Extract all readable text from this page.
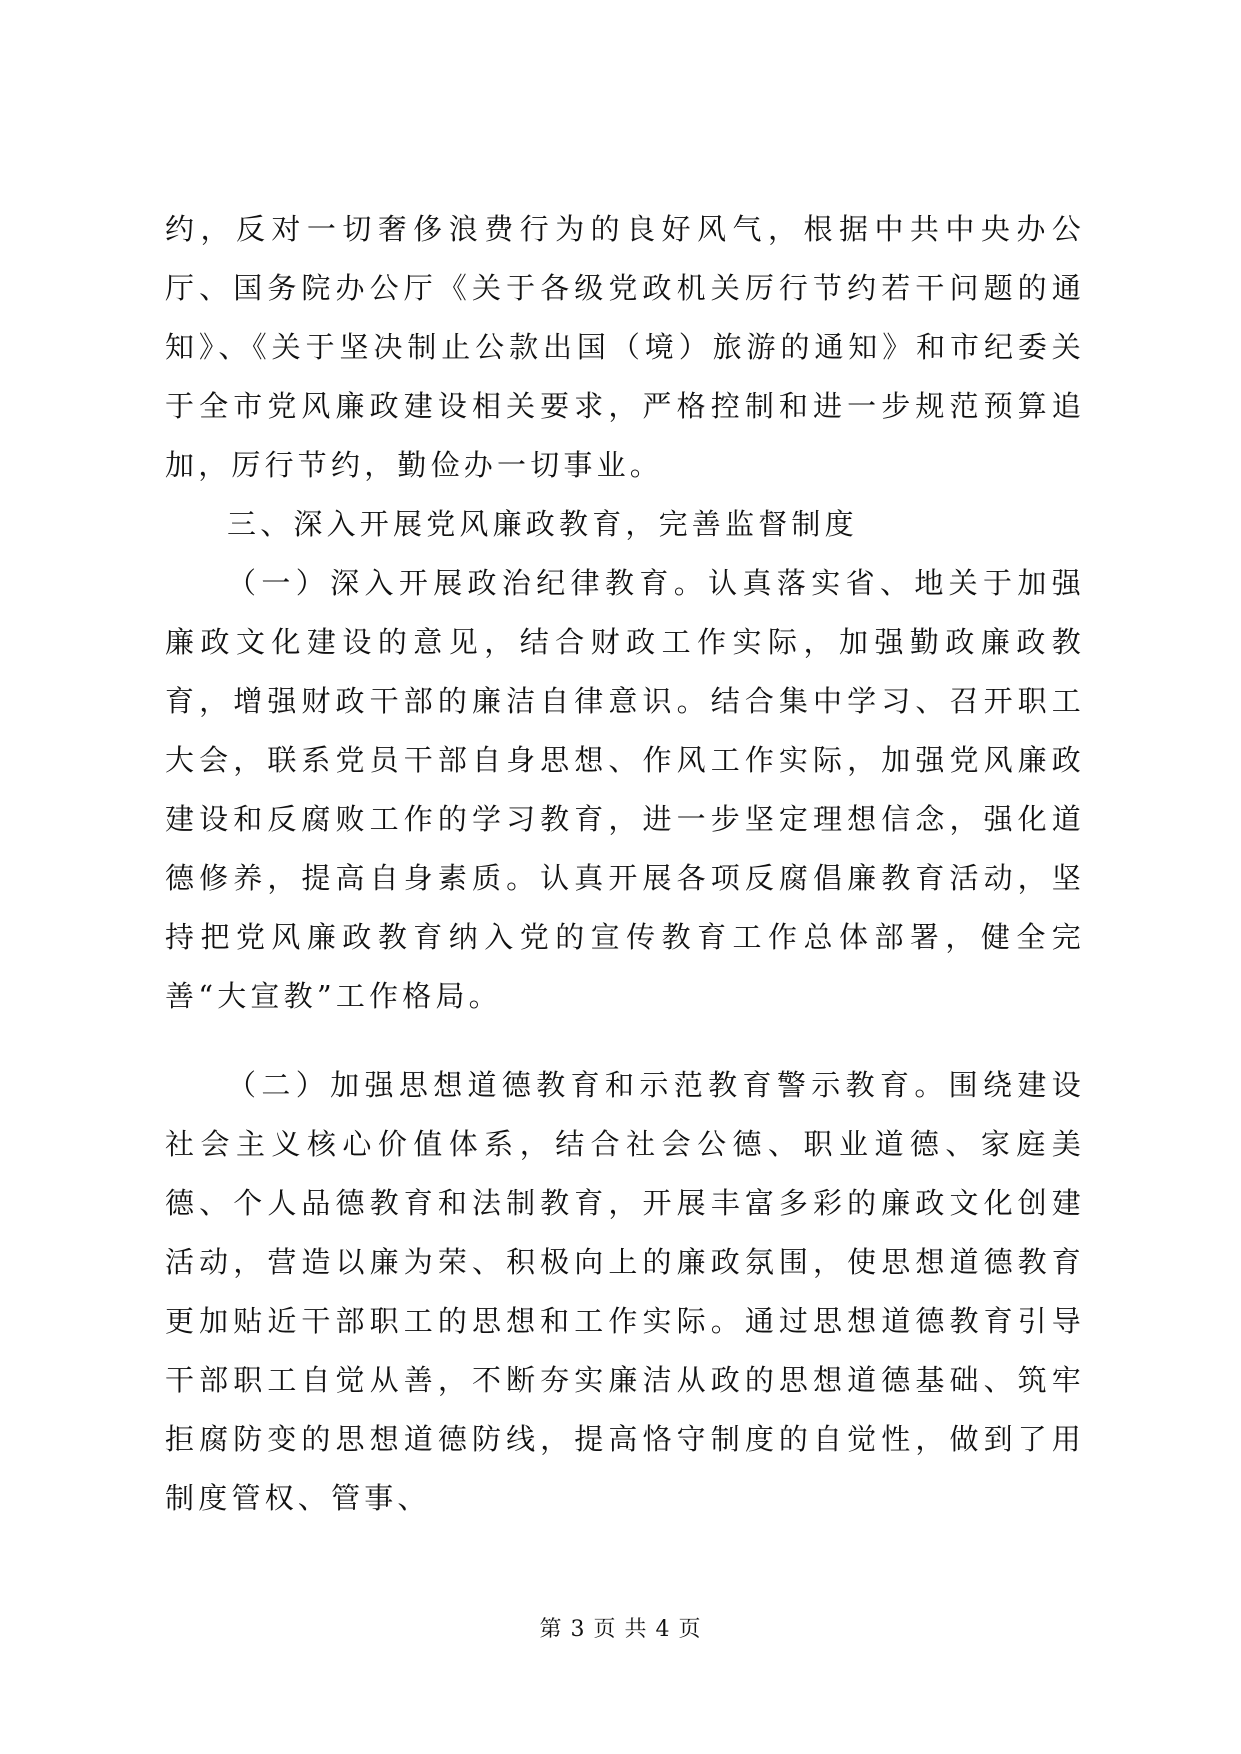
约，反对一切奢侈浪费行为的良好风气，根据中共中央办公厅、国务院办公厅《关于各级党政机关厉行节约若干问题的通知》、《关于坚决制止公款出国（境）旅游的通知》和市纪委关于全市党风廉政建设相关要求，严格控制和进一步规范预算追加，厉行节约，勤俭办一切事业。

三、深入开展党风廉政教育，完善监督制度

（一）深入开展政治纪律教育。认真落实省、地关于加强廉政文化建设的意见，结合财政工作实际，加强勤政廉政教育，增强财政干部的廉洁自律意识。结合集中学习、召开职工大会，联系党员干部自身思想、作风工作实际，加强党风廉政建设和反腐败工作的学习教育，进一步坚定理想信念，强化道德修养，提高自身素质。认真开展各项反腐倡廉教育活动，坚持把党风廉政教育纳入党的宣传教育工作总体部署，健全完善“大宣教”工作格局。

（二）加强思想道德教育和示范教育警示教育。围绕建设社会主义核心价值体系，结合社会公德、职业道德、家庭美德、个人品德教育和法制教育，开展丰富多彩的廉政文化创建活动，营造以廉为荣、积极向上的廉政氛围，使思想道德教育更加贴近干部职工的思想和工作实际。通过思想道德教育引导干部职工自觉从善，不断夯实廉洁从政的思想道德基础、筑牢拒腐防变的思想道德防线，提高恪守制度的自觉性，做到了用制度管权、管事、

第 3 页 共 4 页
